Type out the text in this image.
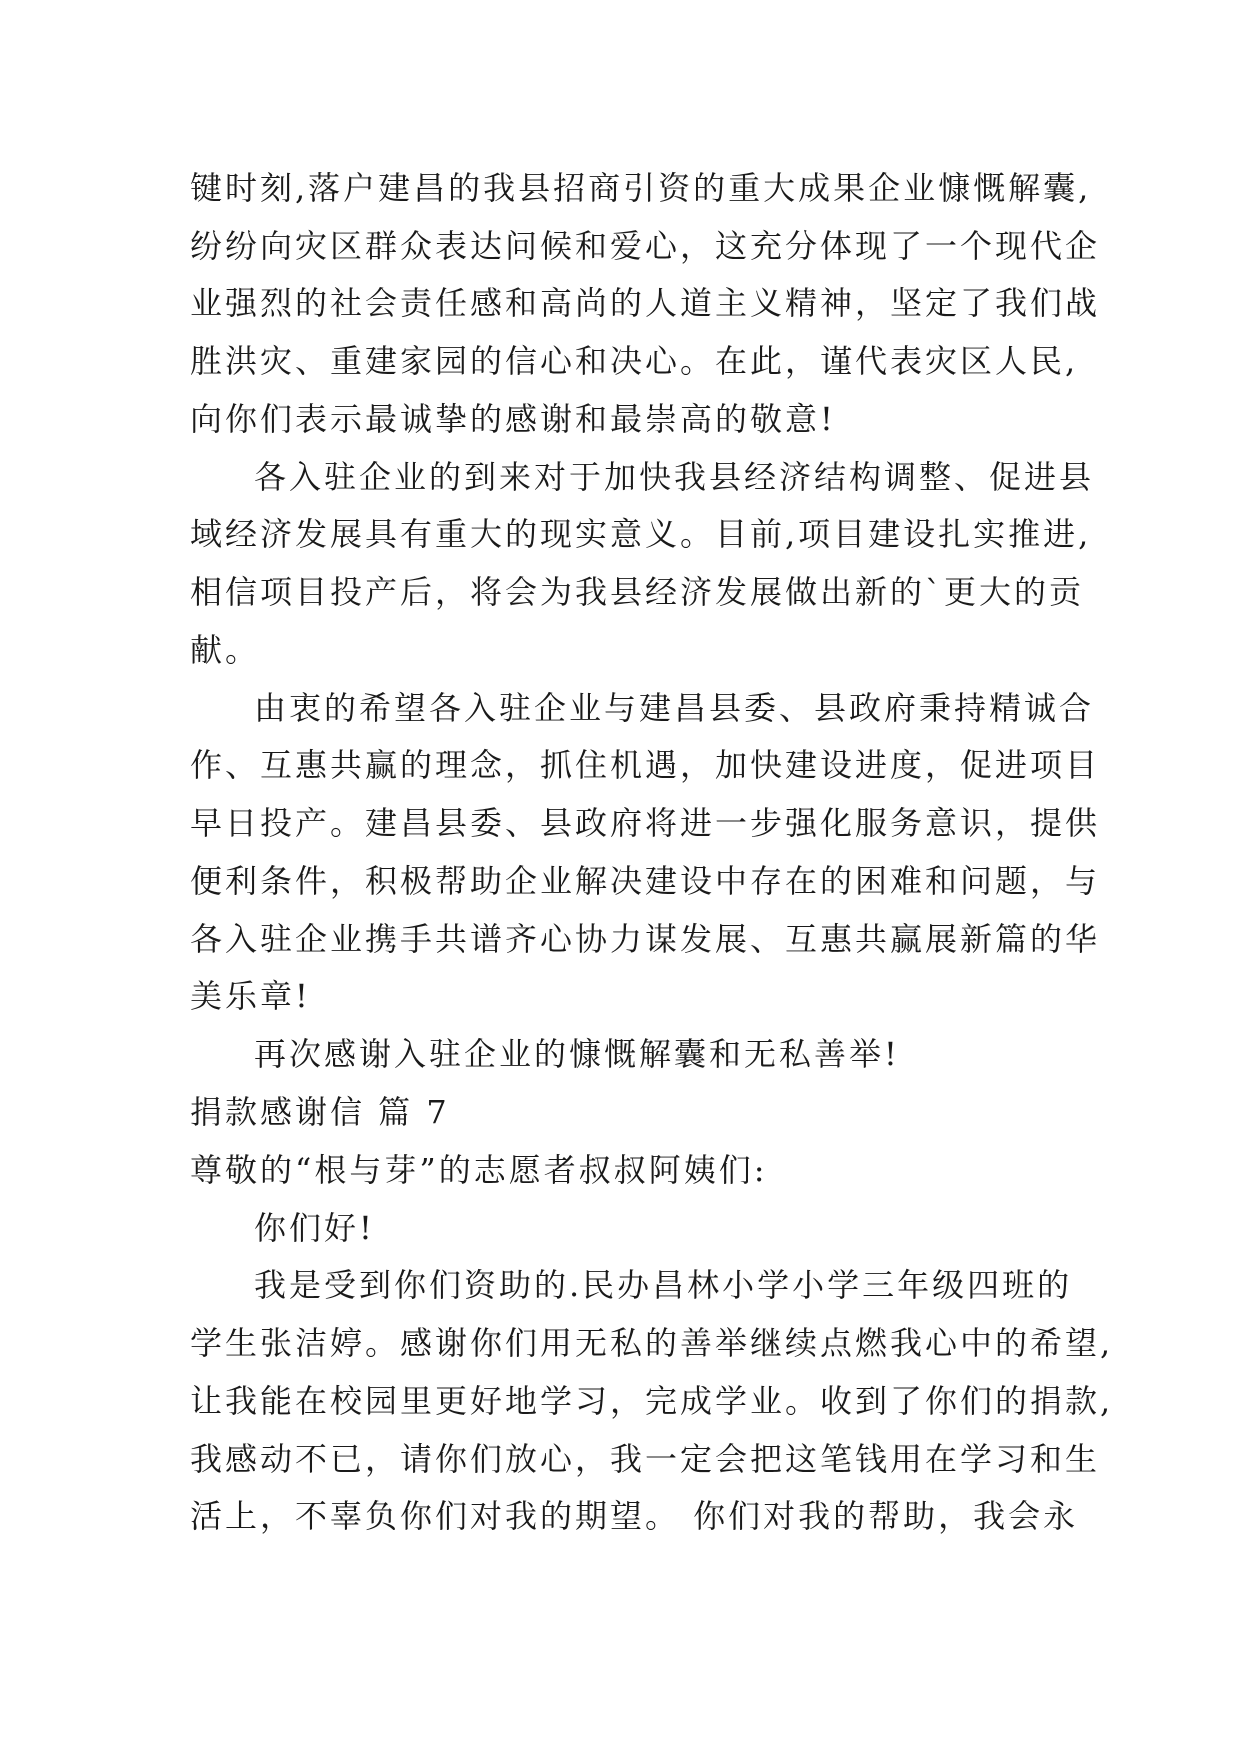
键时刻,落户建昌的我县招商引资的重大成果企业慷慨解囊,
纷纷向灾区群众表达问候和爱心，这充分体现了一个现代企
业强烈的社会责任感和高尚的人道主义精神，坚定了我们战
胜洪灾、重建家园的信心和决心。在此，谨代表灾区人民,
向你们表示最诚挚的感谢和最崇高的敬意!
各入驻企业的到来对于加快我县经济结构调整、促进县
域经济发展具有重大的现实意义。目前,项目建设扎实推进,
相信项目投产后，将会为我县经济发展做出新的`更大的贡
献。
由衷的希望各入驻企业与建昌县委、县政府秉持精诚合
作、互惠共赢的理念，抓住机遇，加快建设进度，促进项目
早日投产。建昌县委、县政府将进一步强化服务意识，提供
便利条件，积极帮助企业解决建设中存在的困难和问题，与
各入驻企业携手共谱齐心协力谋发展、互惠共赢展新篇的华
美乐章!
再次感谢入驻企业的慷慨解囊和无私善举!
捐款感谢信 篇 7
尊敬的“根与芽”的志愿者叔叔阿姨们:
你们好!
我是受到你们资助的.民办昌林小学小学三年级四班的
学生张洁婷。感谢你们用无私的善举继续点燃我心中的希望,
让我能在校园里更好地学习，完成学业。收到了你们的捐款,
我感动不已，请你们放心，我一定会把这笔钱用在学习和生
活上，不辜负你们对我的期望。 你们对我的帮助，我会永
